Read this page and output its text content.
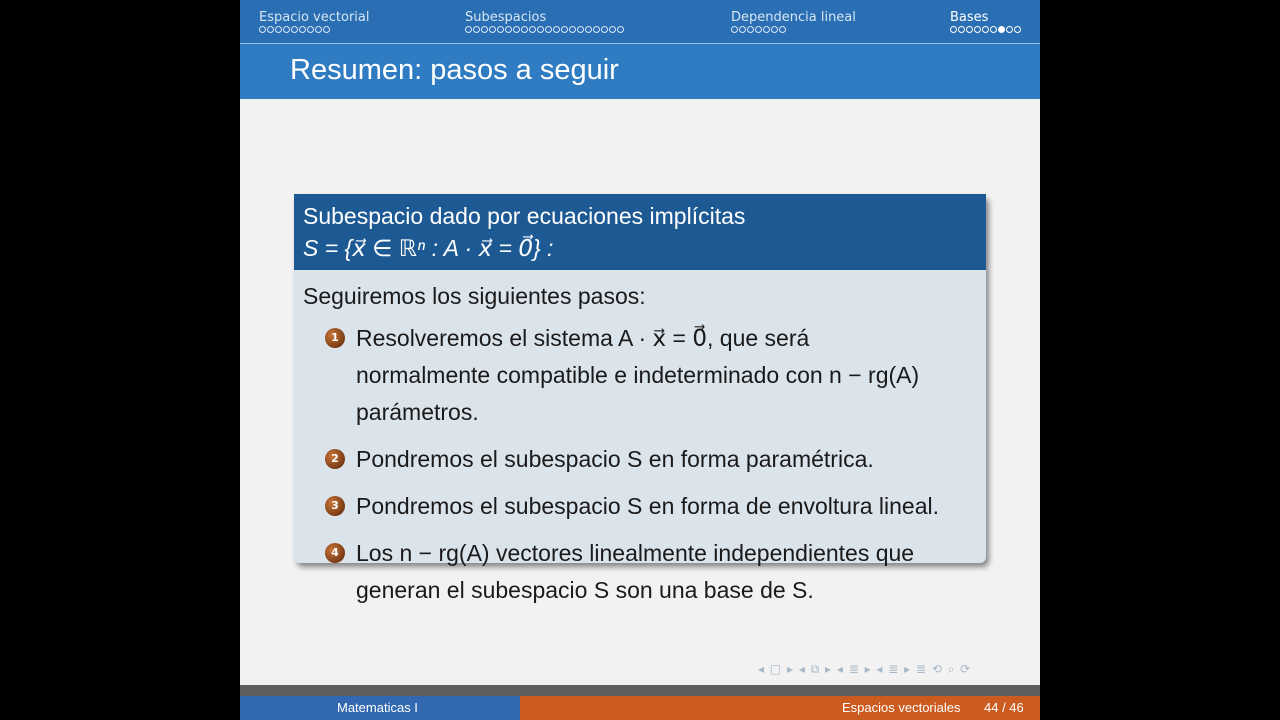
Espacio vectorial	Subespacios	Dependencia lineal	Bases
Resumen: pasos a seguir
Subespacio dado por ecuaciones implícitas
S = {x⃗ ∈ ℝⁿ : A · x⃗ = 0⃗} :
Seguiremos los siguientes pasos:
1 Resolveremos el sistema A · x⃗ = 0⃗, que será normalmente compatible e indeterminado con n − rg(A) parámetros.
2 Pondremos el subespacio S en forma paramétrica.
3 Pondremos el subespacio S en forma de envoltura lineal.
4 Los n − rg(A) vectores linealmente independientes que generan el subespacio S son una base de S.
◂ □ ▸ ◂ ⧉ ▸ ◂ ≣ ▸ ◂ ≣ ▸ ≣ ⟲ ⌕ ⟳
Matematicas I	Espacios vectoriales 44 / 46
